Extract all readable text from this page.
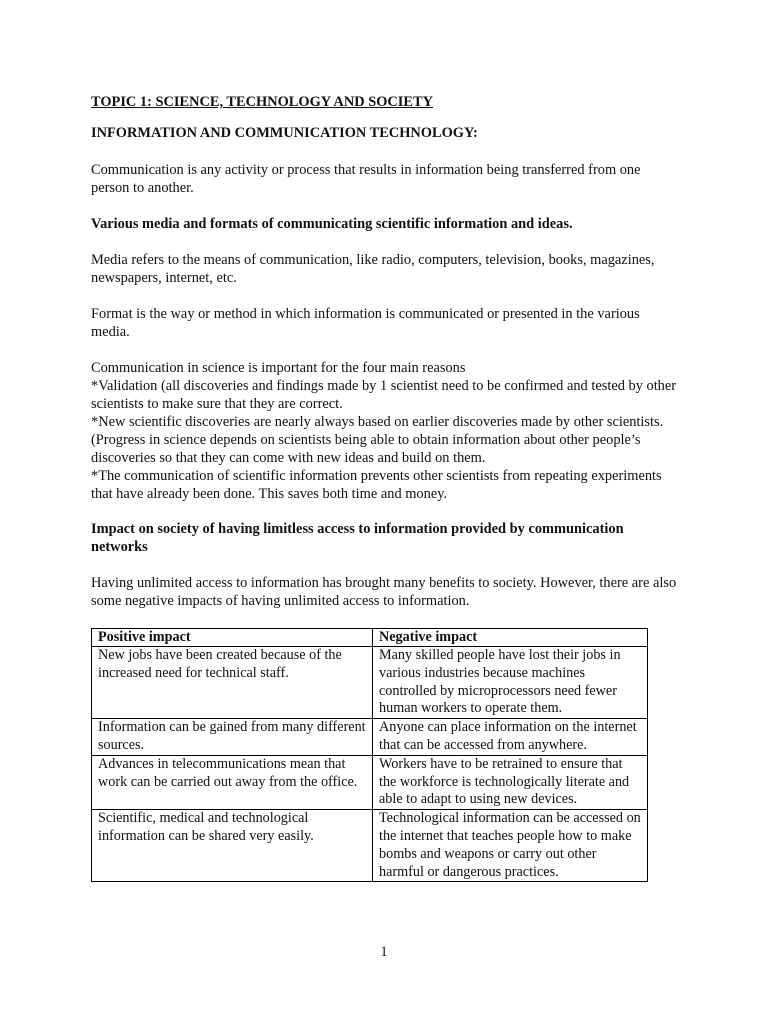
TOPIC 1: SCIENCE, TECHNOLOGY AND SOCIETY
INFORMATION AND COMMUNICATION TECHNOLOGY:

Communication is any activity or process that results in information being transferred from one person to another.

Various media and formats of communicating scientific information and ideas.

Media refers to the means of communication, like radio, computers, television, books, magazines, newspapers, internet, etc.

Format is the way or method in which information is communicated or presented in the various media.

Communication in science is important for the four main reasons

*Validation (all discoveries and findings made by 1 scientist need to be confirmed and tested by other scientists to make sure that they are correct.

*New scientific discoveries are nearly always based on earlier discoveries made by other scientists. (Progress in science depends on scientists being able to obtain information about other people’s discoveries so that they can come with new ideas and build on them.

*The communication of scientific information prevents other scientists from repeating experiments that have already been done. This saves both time and money.

Impact on society of having limitless access to information provided by communication networks

Having unlimited access to information has brought many benefits to society. However, there are also some negative impacts of having unlimited access to information.

Positive impact	Negative impact
New jobs have been created because of the increased need for technical staff.	Many skilled people have lost their jobs in various industries because machines controlled by microprocessors need fewer human workers to operate them.
Information can be gained from many different sources.	Anyone can place information on the internet that can be accessed from anywhere.
Advances in telecommunications mean that work can be carried out away from the office.	Workers have to be retrained to ensure that the workforce is technologically literate and able to adapt to using new devices.
Scientific, medical and technological information can be shared very easily.	Technological information can be accessed on the internet that teaches people how to make bombs and weapons or carry out other harmful or dangerous practices.
1
